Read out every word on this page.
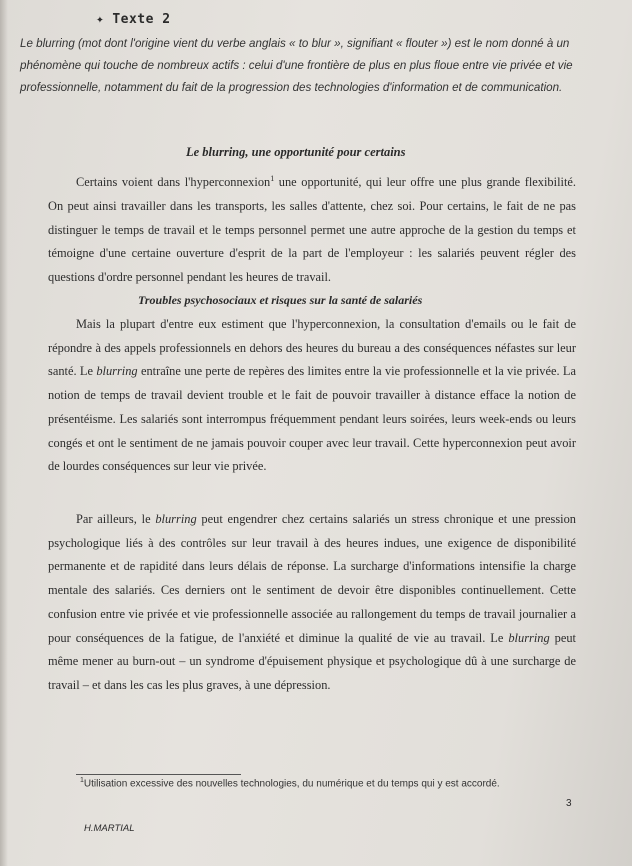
✦ Texte 2
Le blurring (mot dont l'origine vient du verbe anglais « to blur », signifiant « flouter ») est le nom donné à un phénomène qui touche de nombreux actifs : celui d'une frontière de plus en plus floue entre vie privée et vie professionnelle, notamment du fait de la progression des technologies d'information et de communication.
Le blurring, une opportunité pour certains
Certains voient dans l'hyperconnexion$^1$ une opportunité, qui leur offre une plus grande flexibilité. On peut ainsi travailler dans les transports, les salles d'attente, chez soi. Pour certains, le fait de ne pas distinguer le temps de travail et le temps personnel permet une autre approche de la gestion du temps et témoigne d'une certaine ouverture d'esprit de la part de l'employeur : les salariés peuvent régler des questions d'ordre personnel pendant les heures de travail.
Troubles psychosociaux et risques sur la santé de salariés
Mais la plupart d'entre eux estiment que l'hyperconnexion, la consultation d'emails ou le fait de répondre à des appels professionnels en dehors des heures du bureau a des conséquences néfastes sur leur santé. Le blurring entraîne une perte de repères des limites entre la vie professionnelle et la vie privée. La notion de temps de travail devient trouble et le fait de pouvoir travailler à distance efface la notion de présentéisme. Les salariés sont interrompus fréquemment pendant leurs soirées, leurs week-ends ou leurs congés et ont le sentiment de ne jamais pouvoir couper avec leur travail. Cette hyperconnexion peut avoir de lourdes conséquences sur leur vie privée.
Par ailleurs, le blurring peut engendrer chez certains salariés un stress chronique et une pression psychologique liés à des contrôles sur leur travail à des heures indues, une exigence de disponibilité permanente et de rapidité dans leurs délais de réponse. La surcharge d'informations intensifie la charge mentale des salariés. Ces derniers ont le sentiment de devoir être disponibles continuellement. Cette confusion entre vie privée et vie professionnelle associée au rallongement du temps de travail journalier a pour conséquences de la fatigue, de l'anxiété et diminue la qualité de vie au travail. Le blurring peut même mener au burn-out – un syndrome d'épuisement physique et psychologique dû à une surcharge de travail – et dans les cas les plus graves, à une dépression.
$^1$Utilisation excessive des nouvelles technologies, du numérique et du temps qui y est accordé.
3
H.MARTIAL
